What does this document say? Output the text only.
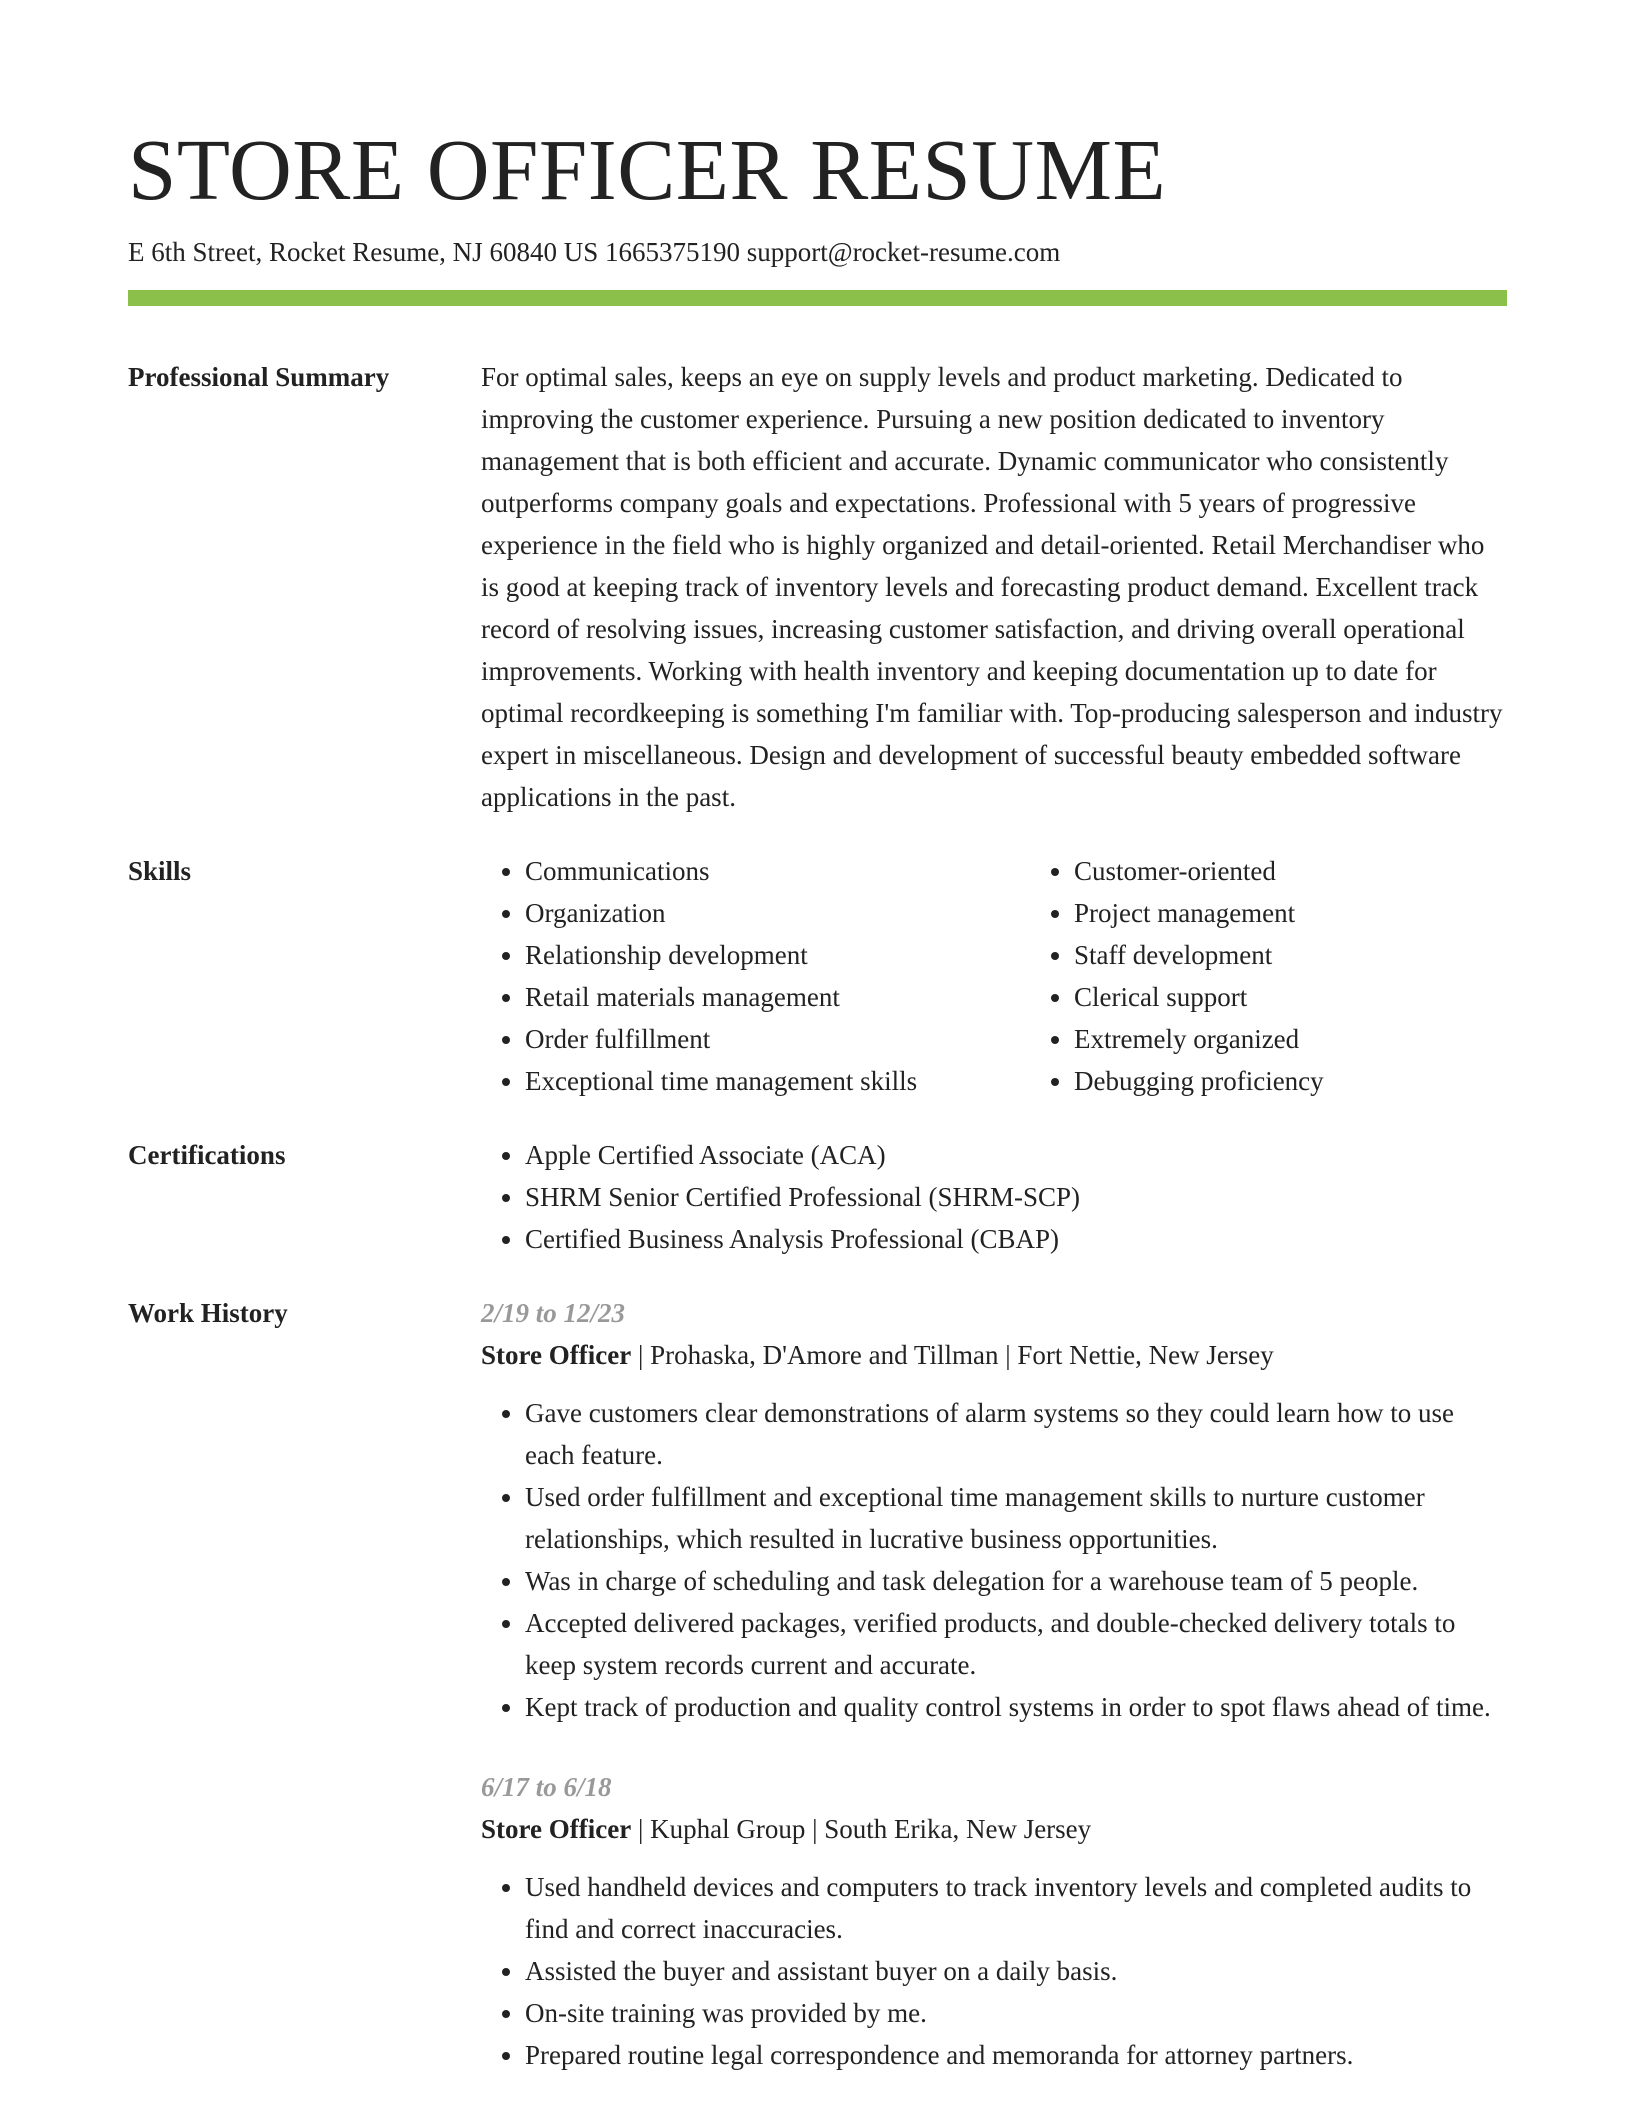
STORE OFFICER RESUME
E 6th Street, Rocket Resume, NJ 60840 US 1665375190 support@rocket-resume.com
Professional Summary	For optimal sales, keeps an eye on supply levels and product marketing. Dedicated to improving the customer experience. Pursuing a new position dedicated to inventory management that is both efficient and accurate. Dynamic communicator who consistently outperforms company goals and expectations. Professional with 5 years of progressive experience in the field who is highly organized and detail-oriented. Retail Merchandiser who is good at keeping track of inventory levels and forecasting product demand. Excellent track record of resolving issues, increasing customer satisfaction, and driving overall operational improvements. Working with health inventory and keeping documentation up to date for optimal recordkeeping is something I'm familiar with. Top-producing salesperson and industry expert in miscellaneous. Design and development of successful beauty embedded software applications in the past.
Skills	• Communications
• Organization
• Relationship development
• Retail materials management
• Order fulfillment
• Exceptional time management skills
• Customer-oriented
• Project management
• Staff development
• Clerical support
• Extremely organized
• Debugging proficiency
Certifications	• Apple Certified Associate (ACA)
• SHRM Senior Certified Professional (SHRM-SCP)
• Certified Business Analysis Professional (CBAP)
Work History	2/19 to 12/23
Store Officer | Prohaska, D'Amore and Tillman | Fort Nettie, New Jersey
• Gave customers clear demonstrations of alarm systems so they could learn how to use each feature.
• Used order fulfillment and exceptional time management skills to nurture customer relationships, which resulted in lucrative business opportunities.
• Was in charge of scheduling and task delegation for a warehouse team of 5 people.
• Accepted delivered packages, verified products, and double-checked delivery totals to keep system records current and accurate.
• Kept track of production and quality control systems in order to spot flaws ahead of time.
6/17 to 6/18
Store Officer | Kuphal Group | South Erika, New Jersey
• Used handheld devices and computers to track inventory levels and completed audits to find and correct inaccuracies.
• Assisted the buyer and assistant buyer on a daily basis.
• On-site training was provided by me.
• Prepared routine legal correspondence and memoranda for attorney partners.
